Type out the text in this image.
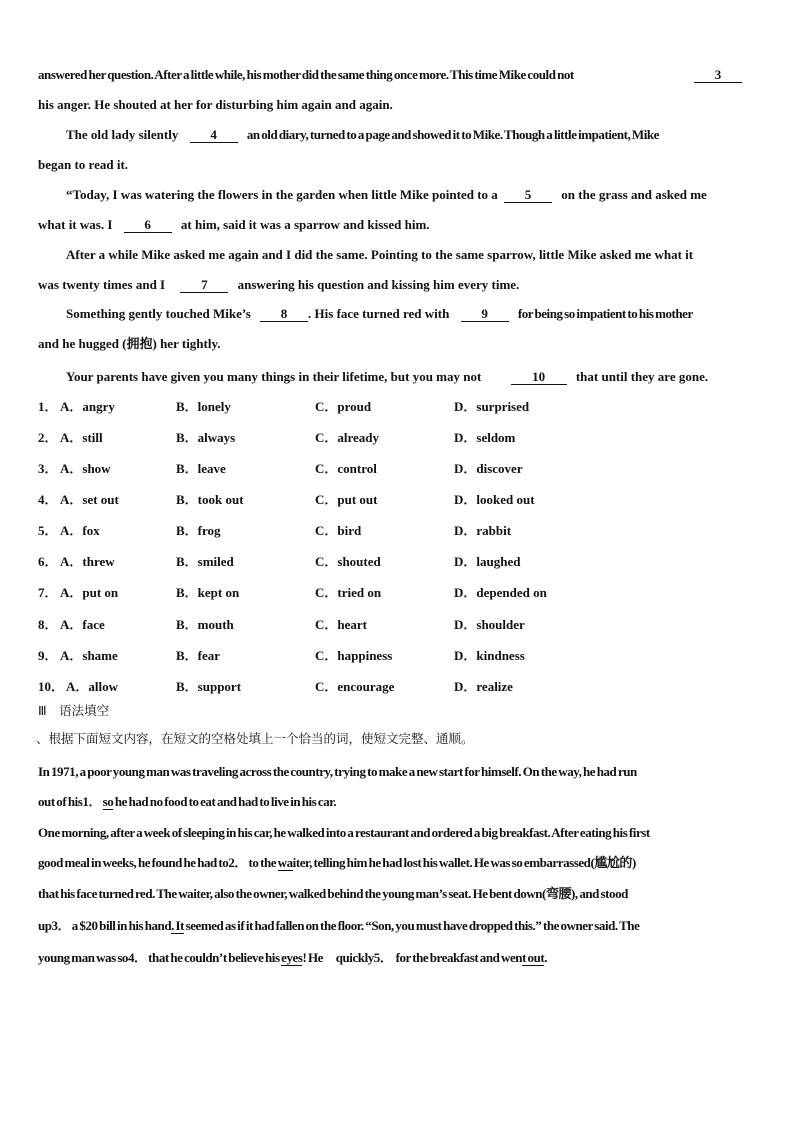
answered her question. After a little while, his mother did the same thing once more. This time Mike could not	3
his anger. He shouted at her for disturbing him again and again.
The old lady silently 4 an old diary, turned to a page and showed it to Mike. Though a little impatient, Mike
began to read it.
“Today, I was watering the flowers in the garden when little Mike pointed to a 5 on the grass and asked me
what it was. I 6 at him, said it was a sparrow and kissed him.
After a while Mike asked me again and I did the same. Pointing to the same sparrow, little Mike asked me what it
was twenty times and I	7 answering his question and kissing him every time.
Something gently touched Mike’s 8 . His face turned red with 9 for being so impatient to his mother
and he hugged (拥抱) her tightly.
Your parents have given you many things in their lifetime, but you may not	10 that until they are gone.
1． A．angry	B．lonely	C．proud	D．surprised
2． A．still	B．always	C．already	D．seldom
3． A．show	B．leave	C．control	D．discover
4． A．set out	B．took out	C．put out	D．looked out
5． A．fox	B．frog	C．bird	D．rabbit
6． A．threw	B．smiled	C．shouted	D．laughed
7． A．put on	B．kept on	C．tried on	D．depended on
8． A．face	B．mouth	C．heart	D．shoulder
9． A．shame	B．fear	C．happiness	D．kindness
10． A．allow	B．support	C．encourage	D．realize
Ⅲ　语法填空
、根据下面短文内容，在短文的空格处填上一个恰当的词，使短文完整、通顺。
In 1971, a poor young man was traveling across the country, trying to make a new start for himself. On the way, he had run
out of his1． so he had no food to eat and had to live in his car.
One morning, after a week of sleeping in his car, he walked into a restaurant and ordered a big breakfast. After eating his first
good meal in weeks, he found he had to2． to the waiter, telling him he had lost his wallet. He was so embarrassed(尴尬的)
that his face turned red. The waiter, also the owner, walked behind the young man’s seat. He bent down(弯腰), and stood
up3． a $20 bill in his hand. It seemed as if it had fallen on the floor. “Son, you must have dropped this.” the owner said. The
young man was so4． that he couldn’t believe his eyes! He        quickly5．  for the breakfast and went out.
